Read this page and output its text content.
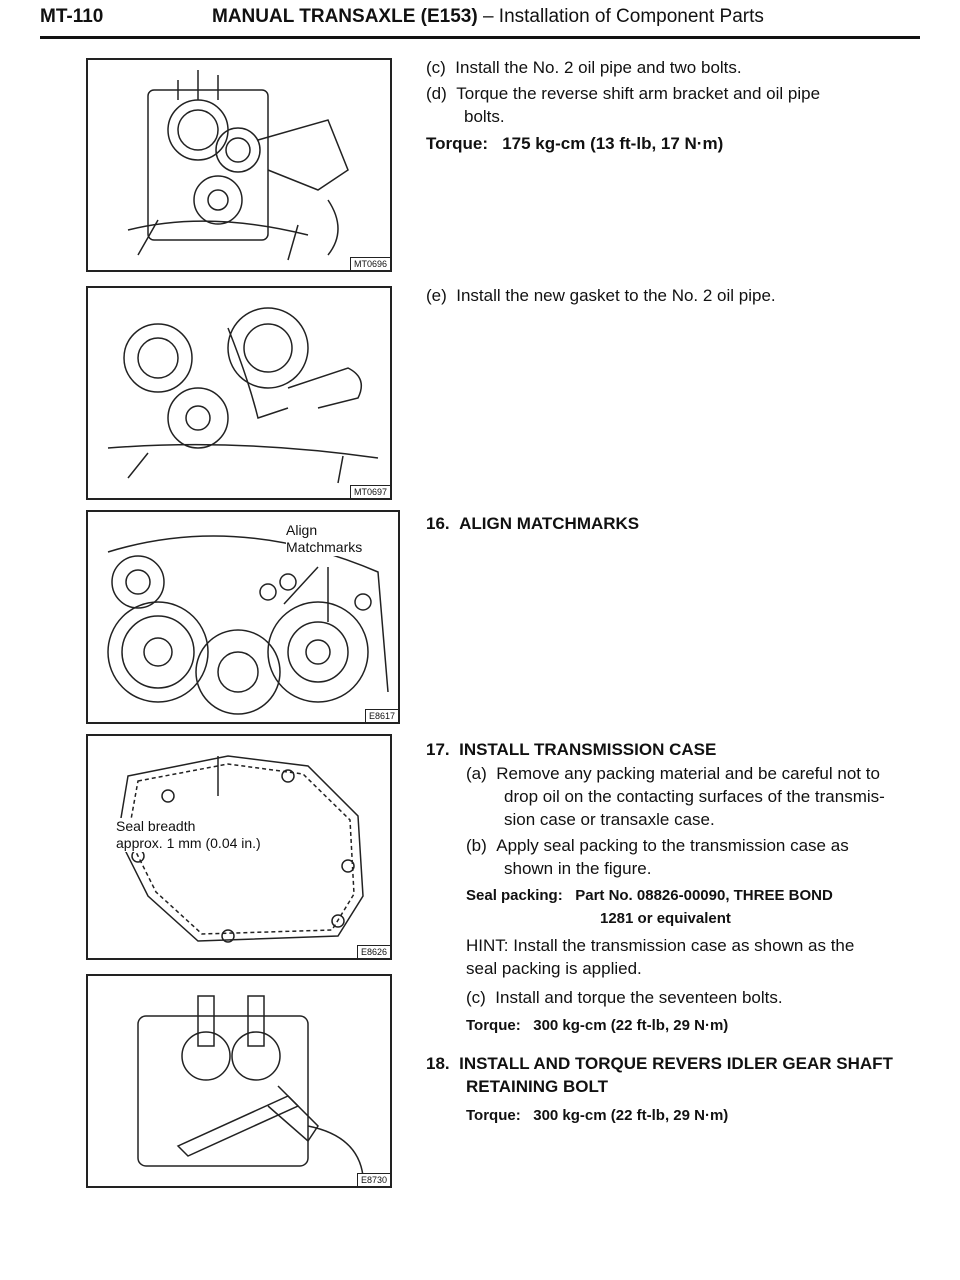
MT-110	MANUAL TRANSAXLE (E153) – Installation of Component Parts
MT0696
MT0697
Align
Matchmarks
E8617
Seal breadth
approx. 1 mm (0.04 in.)
E8626
E8730
(c) Install the No. 2 oil pipe and two bolts.
(d) Torque the reverse shift arm bracket and oil pipe
bolts.
Torque: 175 kg-cm (13 ft-lb, 17 N·m)
(e) Install the new gasket to the No. 2 oil pipe.
16. ALIGN MATCHMARKS
17. INSTALL TRANSMISSION CASE
(a) Remove any packing material and be careful not to
drop oil on the contacting surfaces of the transmis-
sion case or transaxle case.
(b) Apply seal packing to the transmission case as
shown in the figure.
Seal packing: Part No. 08826-00090, THREE BOND
1281 or equivalent
HINT: Install the transmission case as shown as the
seal packing is applied.
(c) Install and torque the seventeen bolts.
Torque: 300 kg-cm (22 ft-lb, 29 N·m)
18. INSTALL AND TORQUE REVERS IDLER GEAR SHAFT
RETAINING BOLT
Torque: 300 kg-cm (22 ft-lb, 29 N·m)
